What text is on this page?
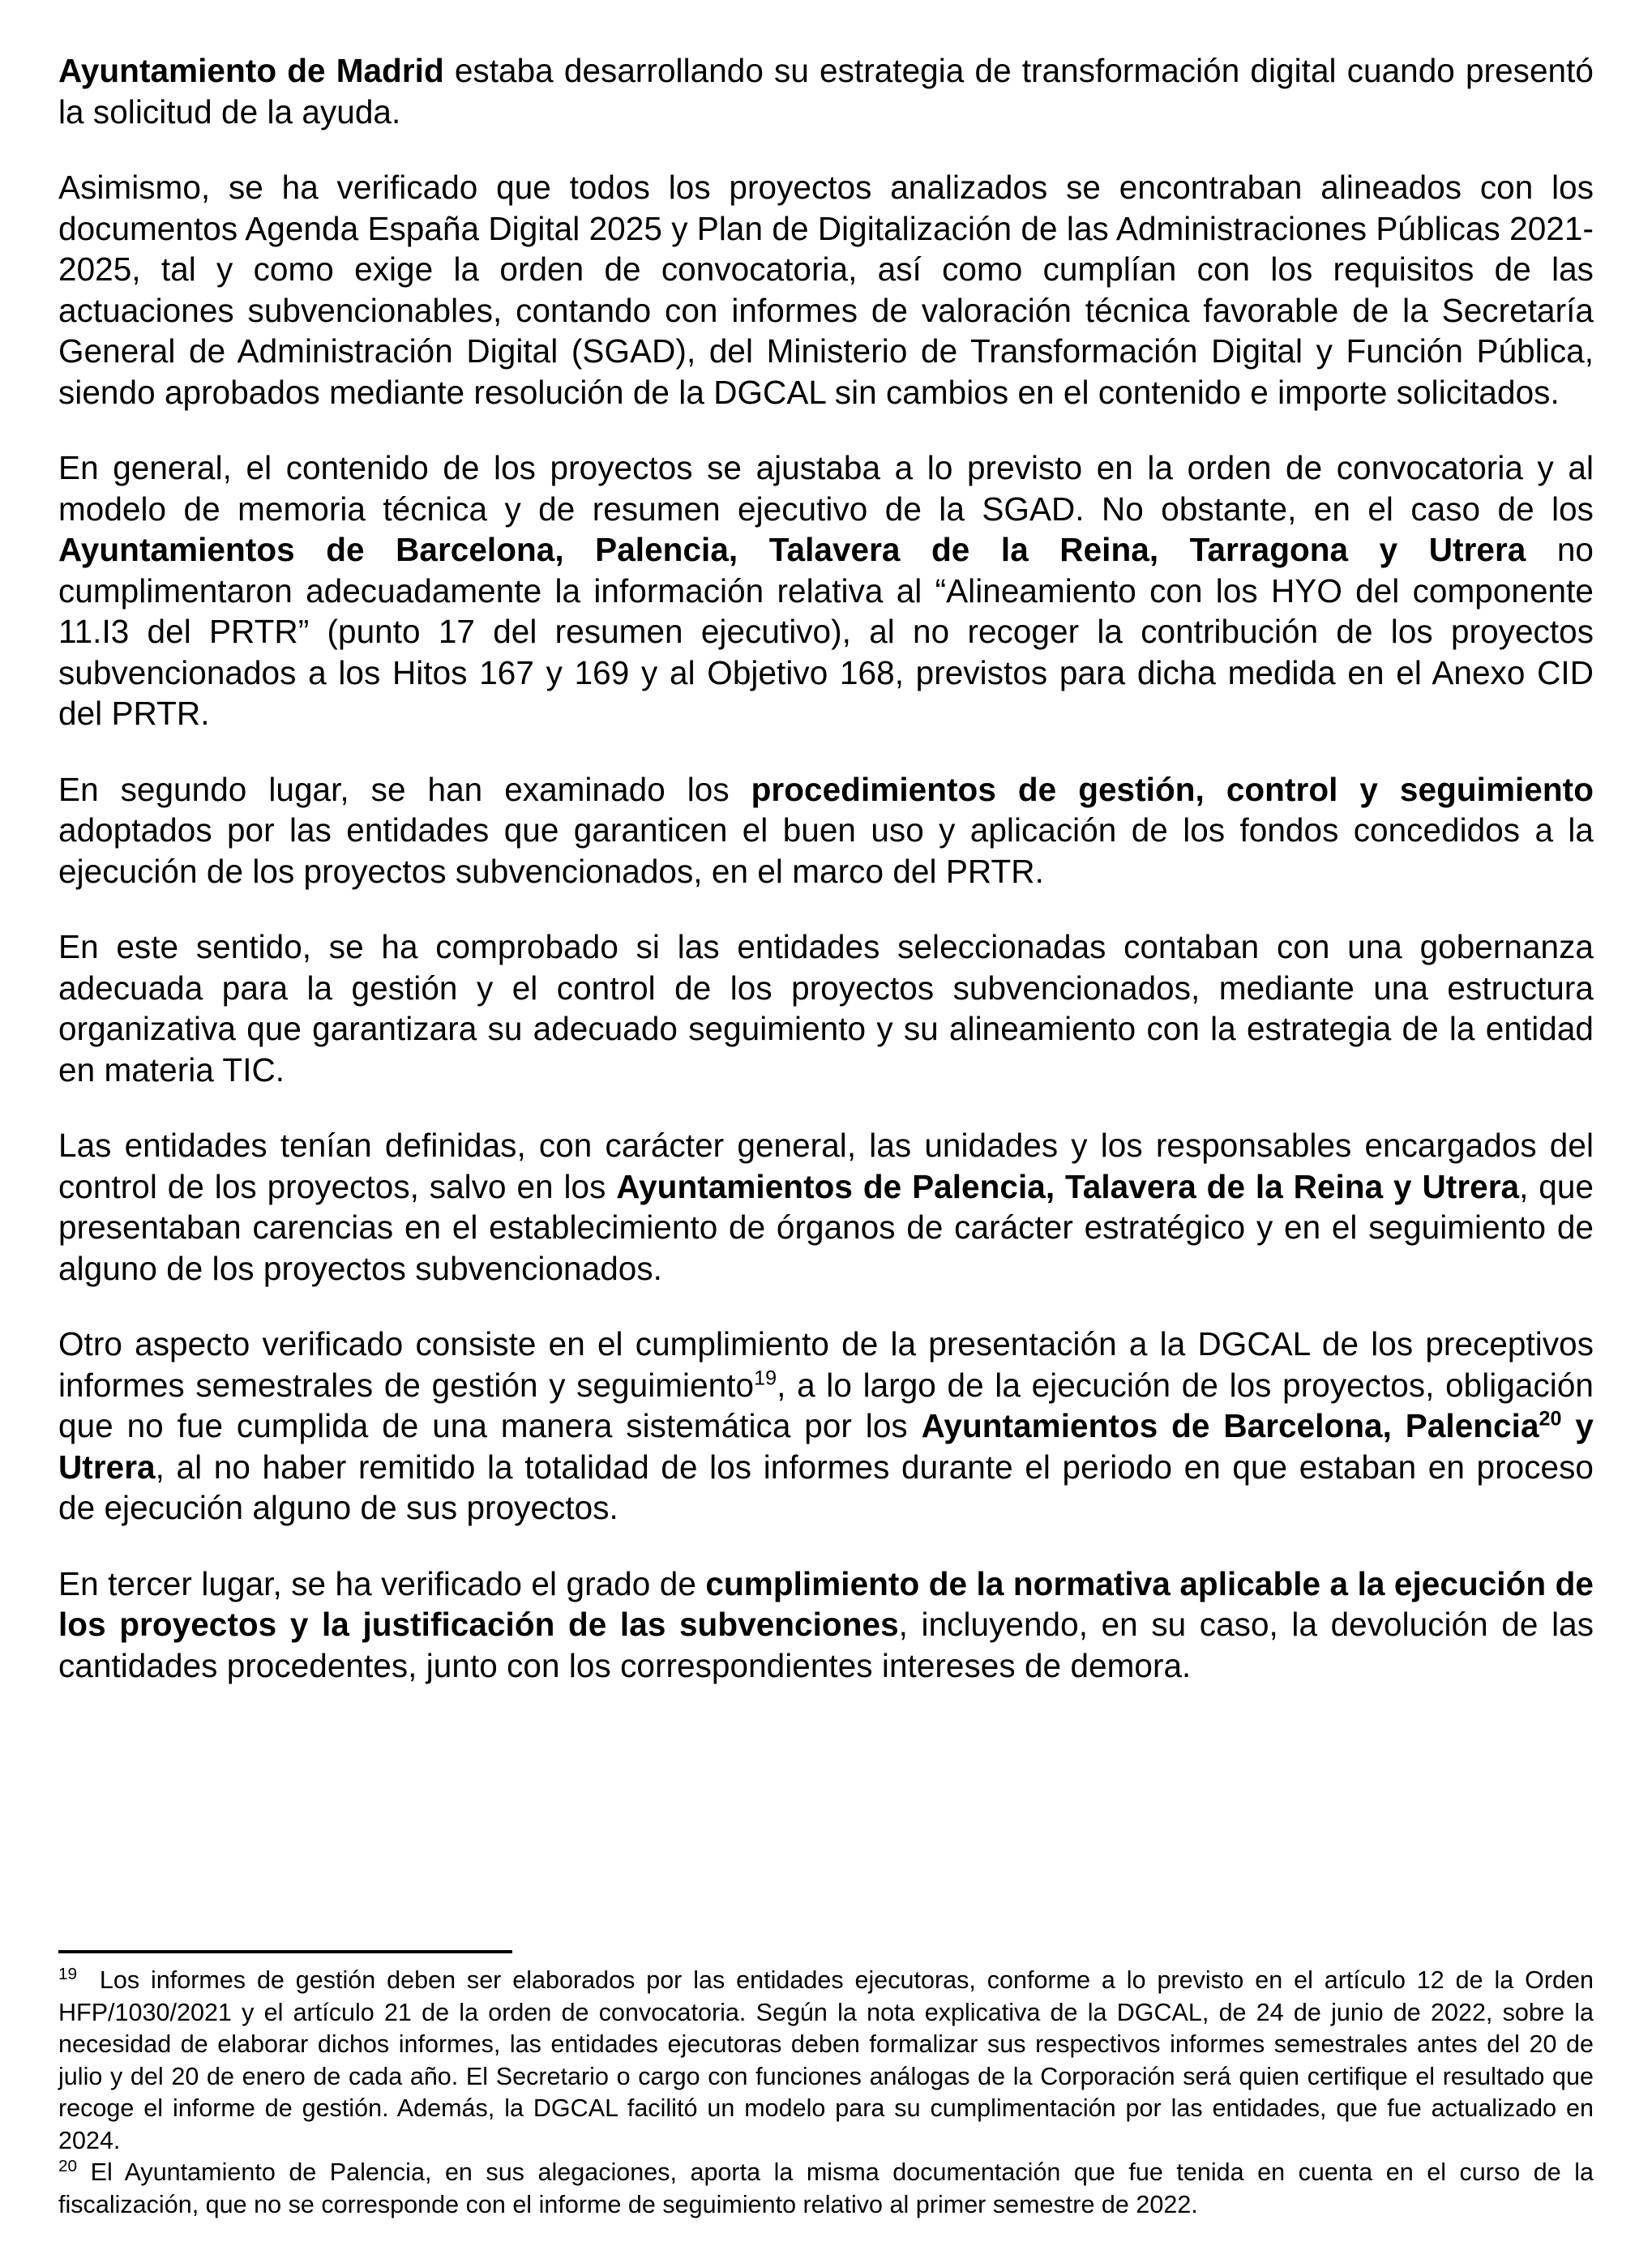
Ayuntamiento de Madrid estaba desarrollando su estrategia de transformación digital cuando presentó la solicitud de la ayuda.

Asimismo, se ha verificado que todos los proyectos analizados se encontraban alineados con los documentos Agenda España Digital 2025 y Plan de Digitalización de las Administraciones Públicas 2021-2025, tal y como exige la orden de convocatoria, así como cumplían con los requisitos de las actuaciones subvencionables, contando con informes de valoración técnica favorable de la Secretaría General de Administración Digital (SGAD), del Ministerio de Transformación Digital y Función Pública, siendo aprobados mediante resolución de la DGCAL sin cambios en el contenido e importe solicitados.

En general, el contenido de los proyectos se ajustaba a lo previsto en la orden de convocatoria y al modelo de memoria técnica y de resumen ejecutivo de la SGAD. No obstante, en el caso de los Ayuntamientos de Barcelona, Palencia, Talavera de la Reina, Tarragona y Utrera no cumplimentaron adecuadamente la información relativa al “Alineamiento con los HYO del componente 11.I3 del PRTR” (punto 17 del resumen ejecutivo), al no recoger la contribución de los proyectos subvencionados a los Hitos 167 y 169 y al Objetivo 168, previstos para dicha medida en el Anexo CID del PRTR.

En segundo lugar, se han examinado los procedimientos de gestión, control y seguimiento adoptados por las entidades que garanticen el buen uso y aplicación de los fondos concedidos a la ejecución de los proyectos subvencionados, en el marco del PRTR.

En este sentido, se ha comprobado si las entidades seleccionadas contaban con una gobernanza adecuada para la gestión y el control de los proyectos subvencionados, mediante una estructura organizativa que garantizara su adecuado seguimiento y su alineamiento con la estrategia de la entidad en materia TIC.

Las entidades tenían definidas, con carácter general, las unidades y los responsables encargados del control de los proyectos, salvo en los Ayuntamientos de Palencia, Talavera de la Reina y Utrera, que presentaban carencias en el establecimiento de órganos de carácter estratégico y en el seguimiento de alguno de los proyectos subvencionados.

Otro aspecto verificado consiste en el cumplimiento de la presentación a la DGCAL de los preceptivos informes semestrales de gestión y seguimiento$^{19}$, a lo largo de la ejecución de los proyectos, obligación que no fue cumplida de una manera sistemática por los Ayuntamientos de Barcelona, Palencia$^{20}$ y Utrera, al no haber remitido la totalidad de los informes durante el periodo en que estaban en proceso de ejecución alguno de sus proyectos.

En tercer lugar, se ha verificado el grado de cumplimiento de la normativa aplicable a la ejecución de los proyectos y la justificación de las subvenciones, incluyendo, en su caso, la devolución de las cantidades procedentes, junto con los correspondientes intereses de demora.

$^{19}$ Los informes de gestión deben ser elaborados por las entidades ejecutoras, conforme a lo previsto en el artículo 12 de la Orden HFP/1030/2021 y el artículo 21 de la orden de convocatoria. Según la nota explicativa de la DGCAL, de 24 de junio de 2022, sobre la necesidad de elaborar dichos informes, las entidades ejecutoras deben formalizar sus respectivos informes semestrales antes del 20 de julio y del 20 de enero de cada año. El Secretario o cargo con funciones análogas de la Corporación será quien certifique el resultado que recoge el informe de gestión. Además, la DGCAL facilitó un modelo para su cumplimentación por las entidades, que fue actualizado en 2024.

$^{20}$ El Ayuntamiento de Palencia, en sus alegaciones, aporta la misma documentación que fue tenida en cuenta en el curso de la fiscalización, que no se corresponde con el informe de seguimiento relativo al primer semestre de 2022.
